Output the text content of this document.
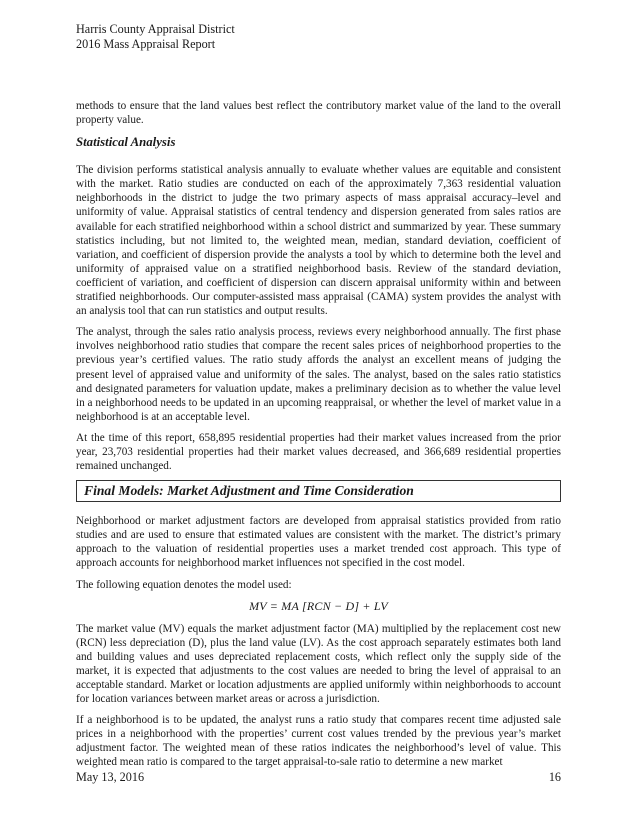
Harris County Appraisal District
2016 Mass Appraisal Report

methods to ensure that the land values best reflect the contributory market value of the land to the overall property value.

Statistical Analysis

The division performs statistical analysis annually to evaluate whether values are equitable and consistent with the market. Ratio studies are conducted on each of the approximately 7,363 residential valuation neighborhoods in the district to judge the two primary aspects of mass appraisal accuracy–level and uniformity of value. Appraisal statistics of central tendency and dispersion generated from sales ratios are available for each stratified neighborhood within a school district and summarized by year. These summary statistics including, but not limited to, the weighted mean, median, standard deviation, coefficient of variation, and coefficient of dispersion provide the analysts a tool by which to determine both the level and uniformity of appraised value on a stratified neighborhood basis. Review of the standard deviation, coefficient of variation, and coefficient of dispersion can discern appraisal uniformity within and between stratified neighborhoods. Our computer-assisted mass appraisal (CAMA) system provides the analyst with an analysis tool that can run statistics and output results.

The analyst, through the sales ratio analysis process, reviews every neighborhood annually. The first phase involves neighborhood ratio studies that compare the recent sales prices of neighborhood properties to the previous year’s certified values. The ratio study affords the analyst an excellent means of judging the present level of appraised value and uniformity of the sales. The analyst, based on the sales ratio statistics and designated parameters for valuation update, makes a preliminary decision as to whether the value level in a neighborhood needs to be updated in an upcoming reappraisal, or whether the level of market value in a neighborhood is at an acceptable level.

At the time of this report, 658,895 residential properties had their market values increased from the prior year, 23,703 residential properties had their market values decreased, and 366,689 residential properties remained unchanged.

Final Models: Market Adjustment and Time Consideration

Neighborhood or market adjustment factors are developed from appraisal statistics provided from ratio studies and are used to ensure that estimated values are consistent with the market. The district’s primary approach to the valuation of residential properties uses a market trended cost approach. This type of approach accounts for neighborhood market influences not specified in the cost model.

The following equation denotes the model used:

MV = MA [RCN − D] + LV

The market value (MV) equals the market adjustment factor (MA) multiplied by the replacement cost new (RCN) less depreciation (D), plus the land value (LV). As the cost approach separately estimates both land and building values and uses depreciated replacement costs, which reflect only the supply side of the market, it is expected that adjustments to the cost values are needed to bring the level of appraisal to an acceptable standard. Market or location adjustments are applied uniformly within neighborhoods to account for location variances between market areas or across a jurisdiction.

If a neighborhood is to be updated, the analyst runs a ratio study that compares recent time adjusted sale prices in a neighborhood with the properties’ current cost values trended by the previous year’s market adjustment factor. The weighted mean of these ratios indicates the neighborhood’s level of value. This weighted mean ratio is compared to the target appraisal-to-sale ratio to determine a new market

May 13, 2016	16
